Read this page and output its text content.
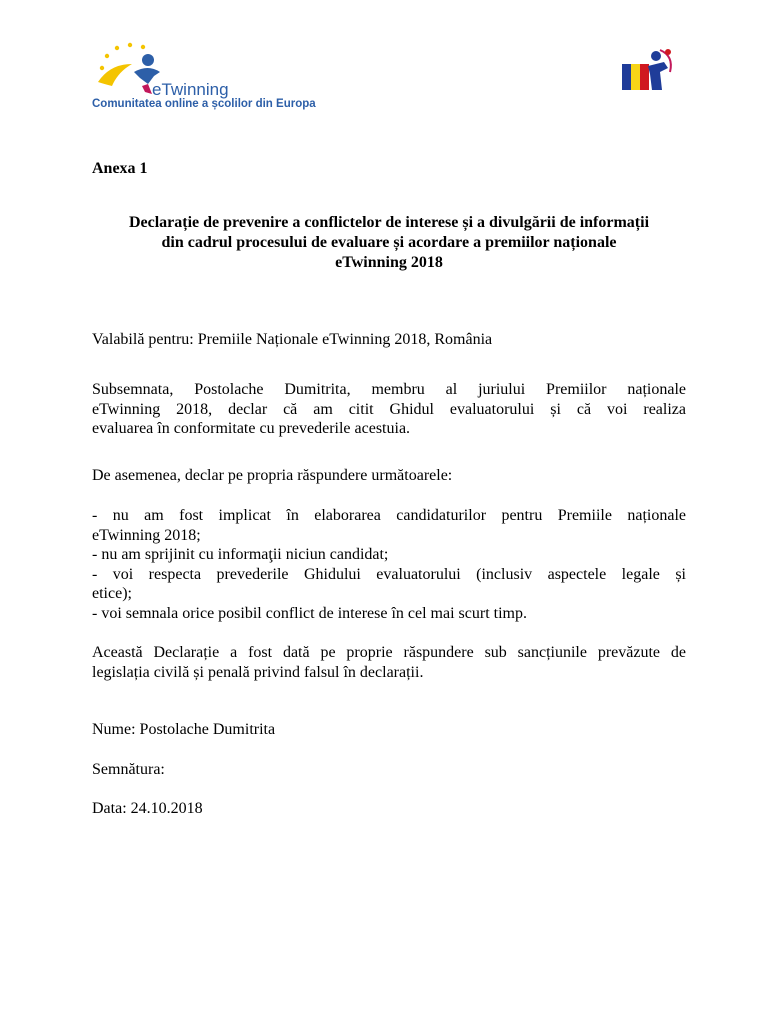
eTwinning
Comunitatea online a școlilor din Europa
Anexa 1
Declarație de prevenire a conflictelor de interese și a divulgării de informații
din cadrul procesului de evaluare și acordare a premiilor naționale
eTwinning 2018
Valabilă pentru: Premiile Naționale eTwinning 2018, România
Subsemnata, Postolache Dumitrita, membru al juriului Premiilor naționale
eTwinning 2018, declar că am citit Ghidul evaluatorului și că voi realiza
evaluarea în conformitate cu prevederile acestuia.
De asemenea, declar pe propria răspundere următoarele:
- nu am fost implicat în elaborarea candidaturilor pentru Premiile naționale
eTwinning 2018;
- nu am sprijinit cu informaţii niciun candidat;
- voi respecta prevederile Ghidului evaluatorului (inclusiv aspectele legale și
etice);
- voi semnala orice posibil conflict de interese în cel mai scurt timp.
Această Declarație a fost dată pe proprie răspundere sub sancțiunile prevăzute de
legislația civilă și penală privind falsul în declarații.
Nume: Postolache Dumitrita
Semnătura:
Data: 24.10.2018
